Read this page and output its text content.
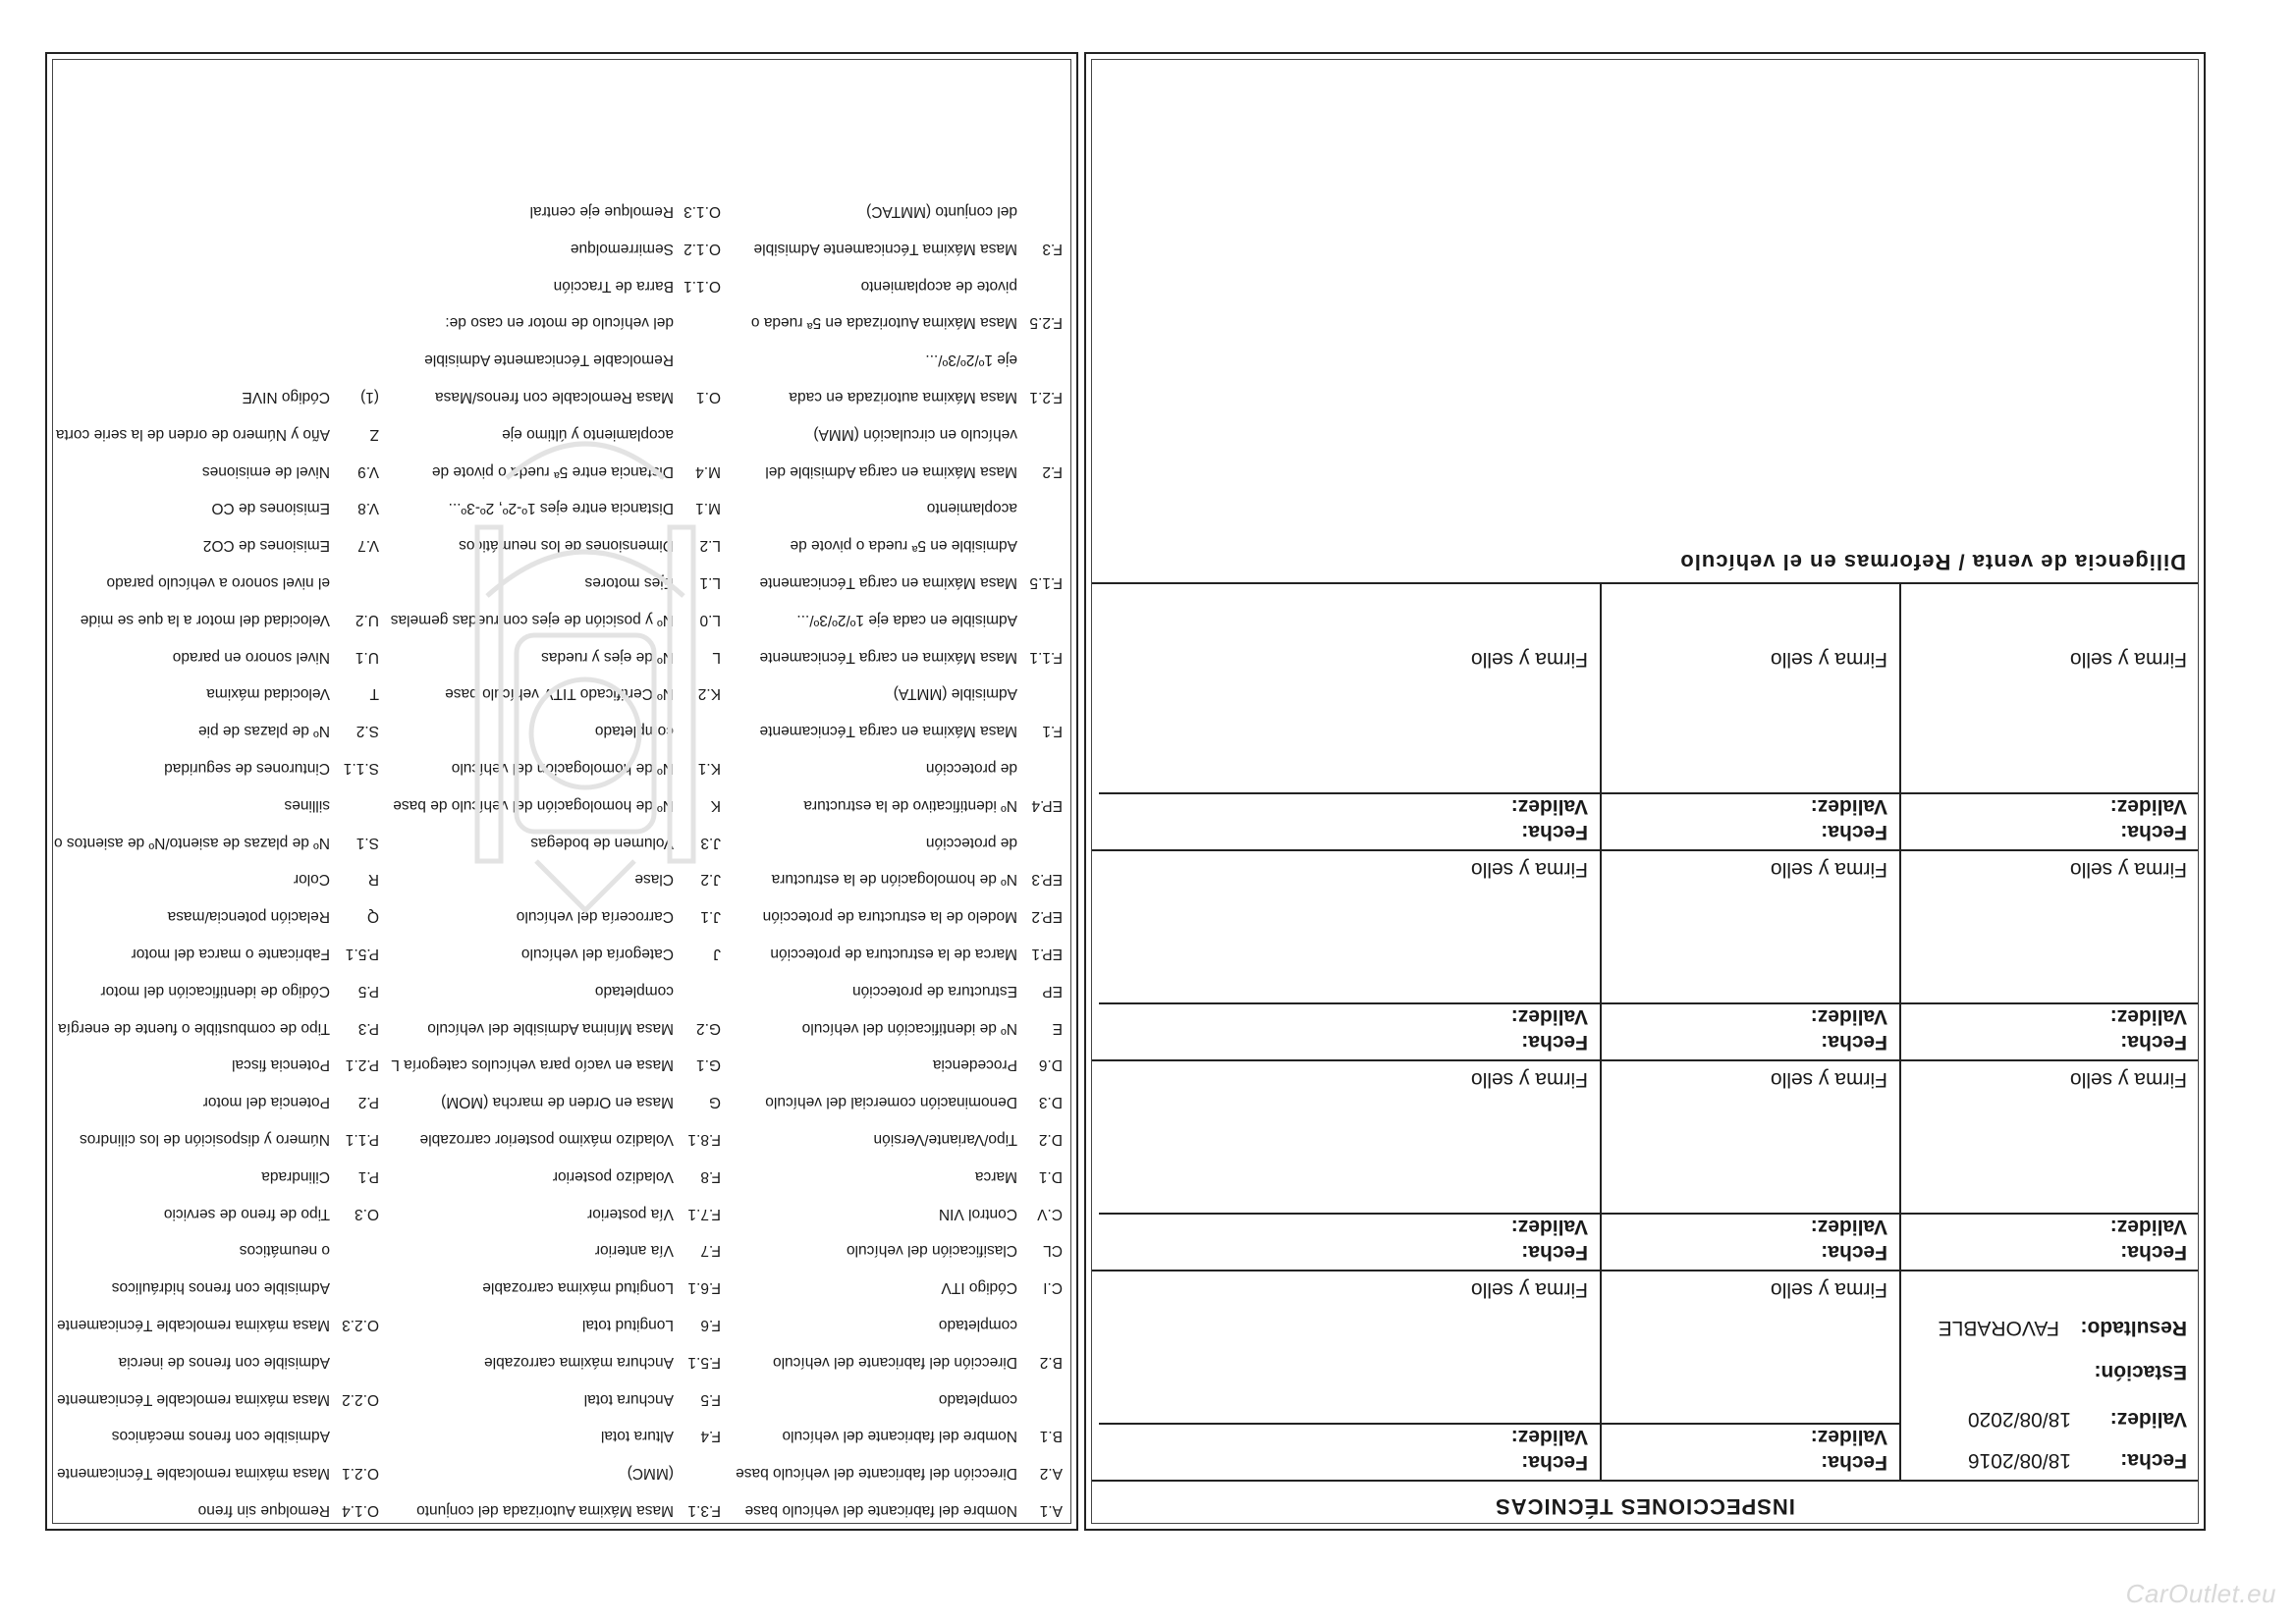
INSPECCIONES TÉCNICAS
Fecha:
18/08/2016
Validez:
18/08/2020
Estación:
Resultado:
FAVORABLE
Fecha:
Validez:
Firma y sello
Fecha:
Validez:
Firma y sello
Fecha:
Validez:
Firma y sello
Fecha:
Validez:
Firma y sello
Fecha:
Validez:
Firma y sello
Fecha:
Validez:
Firma y sello
Fecha:
Validez:
Firma y sello
Fecha:
Validez:
Firma y sello
Fecha:
Validez:
Firma y sello
Fecha:
Validez:
Firma y sello
Fecha:
Validez:
Firma y sello
Diligencia de venta / Reformas en el vehículo
A.1
Nombre del fabricante del vehículo base
A.2
Dirección del fabricante del vehículo base
B.1
Nombre del fabricante del vehículo
completado
B.2
Dirección del fabricante del vehículo
completado
C.I
Código ITV
CL
Clasificación del vehículo
C.V
Control VIN
D.1
Marca
D.2
Tipo/Variante/Versión
D.3
Denominación comercial del vehículo
D.6
Procedencia
E
Nº de identificación del vehículo
EP
Estructura de protección
EP.1
Marca de la estructura de protección
EP.2
Modelo de la estructura de protección
EP.3
Nº de homologación de la estructura
de protección
EP.4
Nº identificativo de la estructura
de protección
F.1
Masa Máxima en carga Técnicamente
Admisible (MMTA)
F.1.1
Masa Máxima en carga Técnicamente
Admisible en cada eje 1º/2º/3º/...
F.1.5
Masa Máxima en carga Técnicamente
Admisible en 5ª rueda o pivote de
acoplamiento
F.2
Masa Máxima en carga Admisible del
vehículo en circulación (MMA)
F.2.1
Masa Máxima autorizada en cada
eje 1º/2º/3º/...
F.2.5
Masa Máxima Autorizada en 5ª rueda o
pivote de acoplamiento
F.3
Masa Máxima Técnicamente Admisible
del conjunto (MMTAC)
F.3.1
Masa Máxima Autorizada del conjunto
(MMC)
F.4
Altura total
F.5
Anchura total
F.5.1
Anchura máxima carrozable
F.6
Longitud total
F.6.1
Longitud máxima carrozable
F.7
Vía anterior
F.7.1
Vía posterior
F.8
Voladizo posterior
F.8.1
Voladizo máximo posterior carrozable
G
Masa en Orden de marcha (MOM)
G.1
Masa en vacío para vehículos categoría L
G.2
Masa Mínima Admisible del vehículo
completado
J
Categoría del vehículo
J.1
Carrocería del vehículo
J.2
Clase
J.3
Volumen de bodegas
K
Nº de homologación del vehículo de base
K.1
Nº de homologación del vehículo
completado
K.2
Nº Certificado TITV vehículo base
L
Nº de ejes y ruedas
L.0
Nº y posición de ejes con ruedas gemelas
L.1
Ejes motores
L.2
Dimensiones de los neumáticos
M.1
Distancia entre ejes 1º-2º, 2º-3º...
M.4
Distancia entre 5ª rueda o pivote de
acoplamiento y último eje
O.1
Masa Remolcable con frenos/Masa
Remolcable Técnicamente Admisible
del vehículo de motor en caso de:
O.1.1
Barra de Tracción
O.1.2
Semirremolque
O.1.3
Remolque eje central
O.1.4
Remolque sin freno
O.2.1
Masa máxima remolcable Técnicamente
Admisible con frenos mecánicos
O.2.2
Masa máxima remolcable Técnicamente
Admisible con frenos de inercia
O.2.3
Masa máxima remolcable Técnicamente
Admisible con frenos hidráulicos
o neumáticos
O.3
Tipo de freno de servicio
P.1
Cilindrada
P.1.1
Número y disposición de los cilindros
P.2
Potencia del motor
P.2.1
Potencia fiscal
P.3
Tipo de combustible o fuente de energía
P.5
Código de identificación del motor
P.5.1
Fabricante o marca del motor
Q
Relación potencia/masa
R
Color
S.1
Nº de plazas de asiento/Nº de asientos o
sillines
S.1.1
Cinturones de seguridad
S.2
Nº de plazas de pie
T
Velocidad máxima
U.1
Nivel sonoro en parado
U.2
Velocidad del motor a la que se mide
el nivel sonoro a vehículo parado
V.7
Emisiones de CO2
V.8
Emisiones de CO
V.9
Nivel de emisiones
Z
Año y Número de orden de la serie corta
(1)
Código NIVE
CarOutlet.eu
